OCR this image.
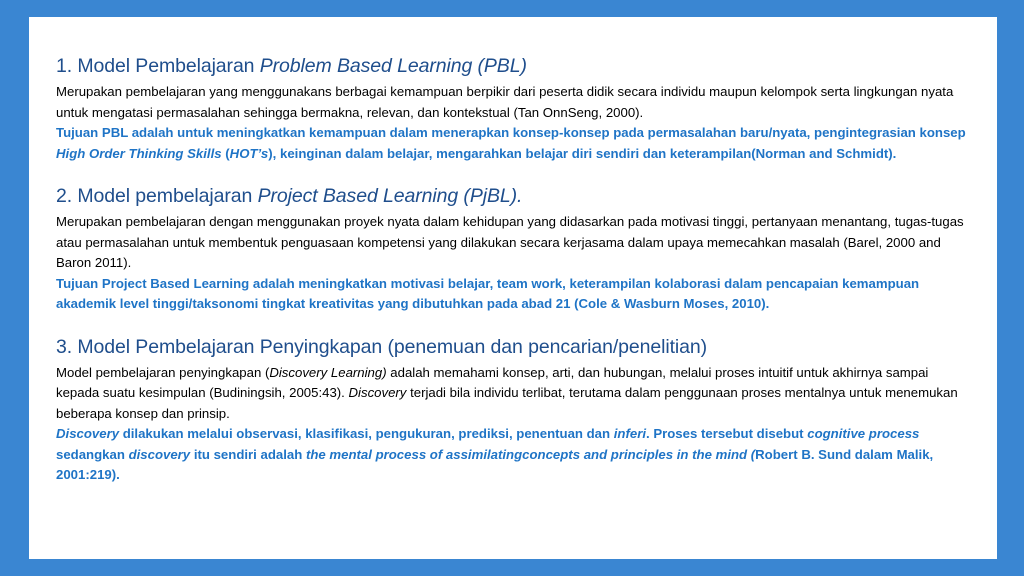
1. Model Pembelajaran Problem Based Learning (PBL)

Merupakan pembelajaran yang menggunakans berbagai kemampuan berpikir dari peserta didik secara individu maupun kelompok serta lingkungan nyata untuk mengatasi permasalahan sehingga bermakna, relevan, dan kontekstual (Tan OnnSeng, 2000).

Tujuan PBL adalah untuk meningkatkan kemampuan dalam menerapkan konsep-konsep pada permasalahan baru/nyata, pengintegrasian konsep High Order Thinking Skills (HOT’s), keinginan dalam belajar, mengarahkan belajar diri sendiri dan keterampilan(Norman and Schmidt).

2. Model pembelajaran Project Based Learning (PjBL).

Merupakan pembelajaran dengan menggunakan proyek nyata dalam kehidupan yang didasarkan pada motivasi tinggi, pertanyaan menantang, tugas-tugas atau permasalahan untuk membentuk penguasaan kompetensi yang dilakukan secara kerjasama dalam upaya memecahkan masalah (Barel, 2000 and Baron 2011).

Tujuan Project Based Learning adalah meningkatkan motivasi belajar, team work, keterampilan kolaborasi dalam pencapaian kemampuan akademik level tinggi/taksonomi tingkat kreativitas yang dibutuhkan pada abad 21 (Cole & Wasburn Moses, 2010).

3. Model Pembelajaran Penyingkapan (penemuan dan pencarian/penelitian)

Model pembelajaran penyingkapan (Discovery Learning) adalah memahami konsep, arti, dan hubungan, melalui proses intuitif untuk akhirnya sampai kepada suatu kesimpulan (Budiningsih, 2005:43). Discovery terjadi bila individu terlibat, terutama dalam penggunaan proses mentalnya untuk menemukan beberapa konsep dan prinsip.

Discovery dilakukan melalui observasi, klasifikasi, pengukuran, prediksi, penentuan dan inferi. Proses tersebut disebut cognitive process sedangkan discovery itu sendiri adalah the mental process of assimilatingconcepts and principles in the mind (Robert B. Sund dalam Malik, 2001:219).
